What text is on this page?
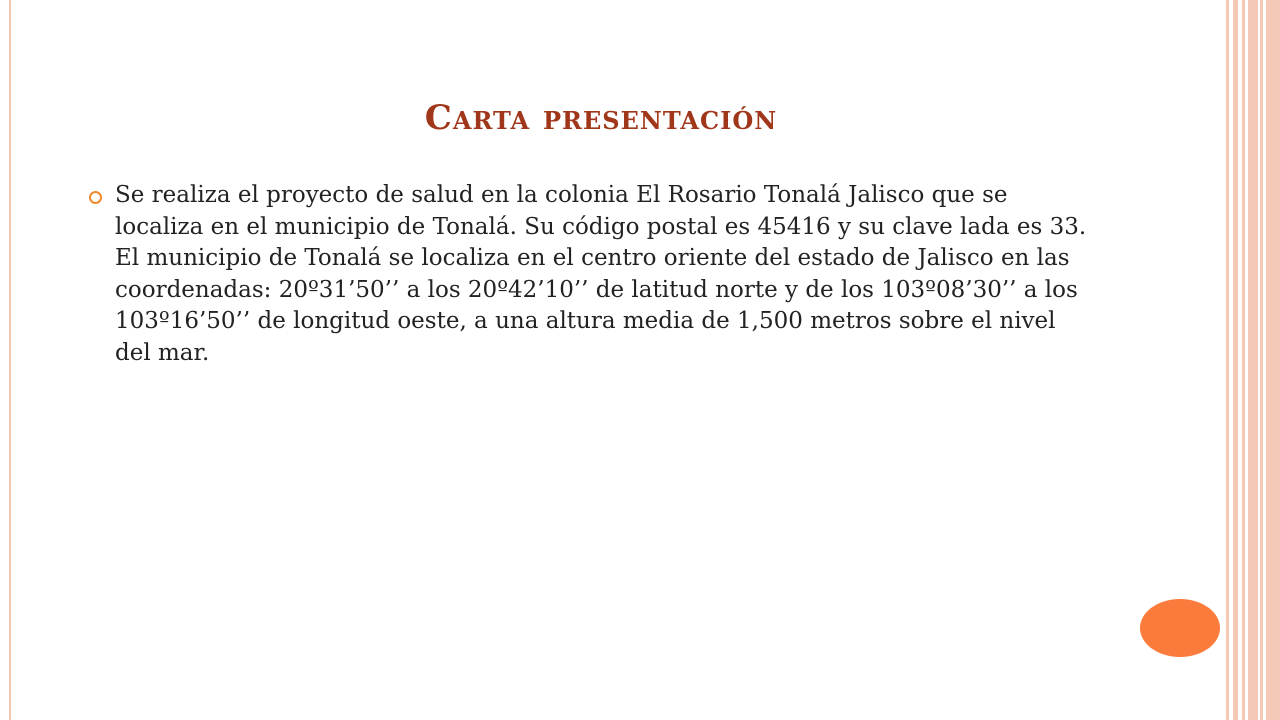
Carta presentación
Se realiza el proyecto de salud en la colonia El Rosario Tonalá Jalisco que se localiza en el municipio de Tonalá. Su código postal es 45416 y su clave lada es 33. El municipio de Tonalá se localiza en el centro oriente del estado de Jalisco en las coordenadas: 20º31’50’’ a los 20º42’10’’ de latitud norte y de los 103º08’30’’ a los 103º16’50’’ de longitud oeste, a una altura media de 1,500 metros sobre el nivel del mar.
